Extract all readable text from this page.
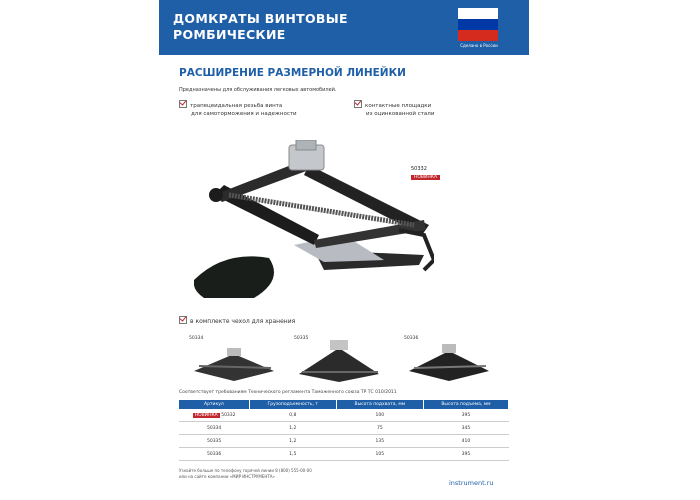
ДОМКРАТЫ ВИНТОВЫЕ
РОМБИЧЕСКИЕ
Сделано в России
РАСШИРЕНИЕ РАЗМЕРНОЙ ЛИНЕЙКИ
Предназначены для обслуживания легковых автомобилей.
трапецеидальная резьба винта
для самоторможения и надежности
контактные площадки
из оцинкованной стали
50332
НОВИНКА
в комплекте чехол для хранения
50334	50335	50336
Соответствует требованиям Технического регламента Таможенного союза ТР ТС 010/2011
Артикул	Грузоподъемность, т	Высота подхвата, мм	Высота подъема, мм
НОВИНКА 50332	0,8	100	395
50334	1,2	75	345
50335	1,2	135	410
50336	1,5	105	395
Узнайте больше по телефону горячей линии 8 (800) 555-00-00
или на сайте компании «МИР ИНСТРУМЕНТА»
instrument.ru
